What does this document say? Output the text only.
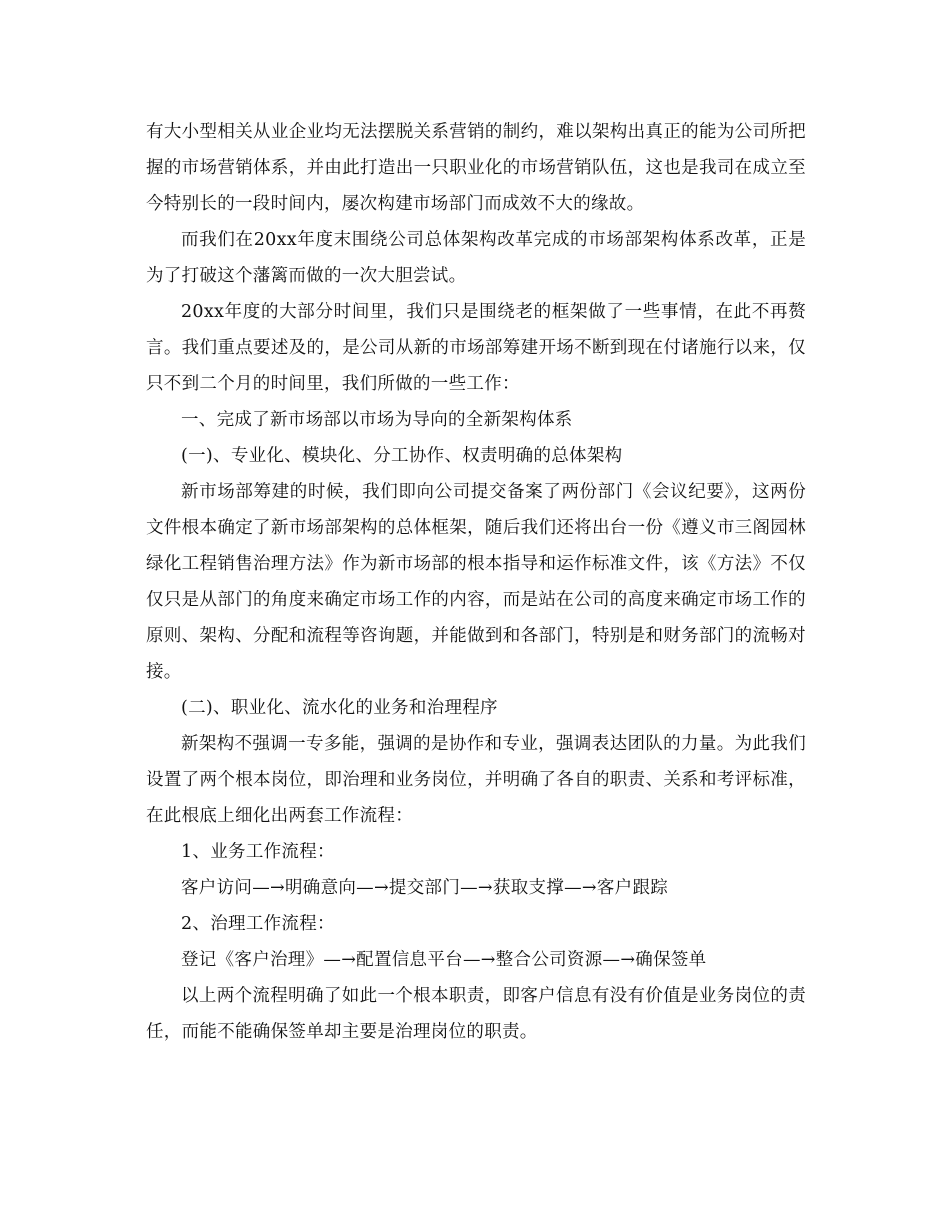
有大小型相关从业企业均无法摆脱关系营销的制约，难以架构出真正的能为公司所把握的市场营销体系，并由此打造出一只职业化的市场营销队伍，这也是我司在成立至今特别长的一段时间内，屡次构建市场部门而成效不大的缘故。

而我们在20xx年度末围绕公司总体架构改革完成的市场部架构体系改革，正是为了打破这个藩篱而做的一次大胆尝试。

20xx年度的大部分时间里，我们只是围绕老的框架做了一些事情，在此不再赘言。我们重点要述及的，是公司从新的市场部筹建开场不断到现在付诸施行以来，仅只不到二个月的时间里，我们所做的一些工作：

一、完成了新市场部以市场为导向的全新架构体系

(一)、专业化、模块化、分工协作、权责明确的总体架构

新市场部筹建的时候，我们即向公司提交备案了两份部门《会议纪要》，这两份文件根本确定了新市场部架构的总体框架，随后我们还将出台一份《遵义市三阁园林绿化工程销售治理方法》作为新市场部的根本指导和运作标准文件，该《方法》不仅仅只是从部门的角度来确定市场工作的内容，而是站在公司的高度来确定市场工作的原则、架构、分配和流程等咨询题，并能做到和各部门，特别是和财务部门的流畅对接。

(二)、职业化、流水化的业务和治理程序

新架构不强调一专多能，强调的是协作和专业，强调表达团队的力量。为此我们设置了两个根本岗位，即治理和业务岗位，并明确了各自的职责、关系和考评标准，在此根底上细化出两套工作流程：

1、业务工作流程：

客户访问—→明确意向—→提交部门—→获取支撑—→客户跟踪

2、治理工作流程：

登记《客户治理》—→配置信息平台—→整合公司资源—→确保签单

以上两个流程明确了如此一个根本职责，即客户信息有没有价值是业务岗位的责任，而能不能确保签单却主要是治理岗位的职责。
